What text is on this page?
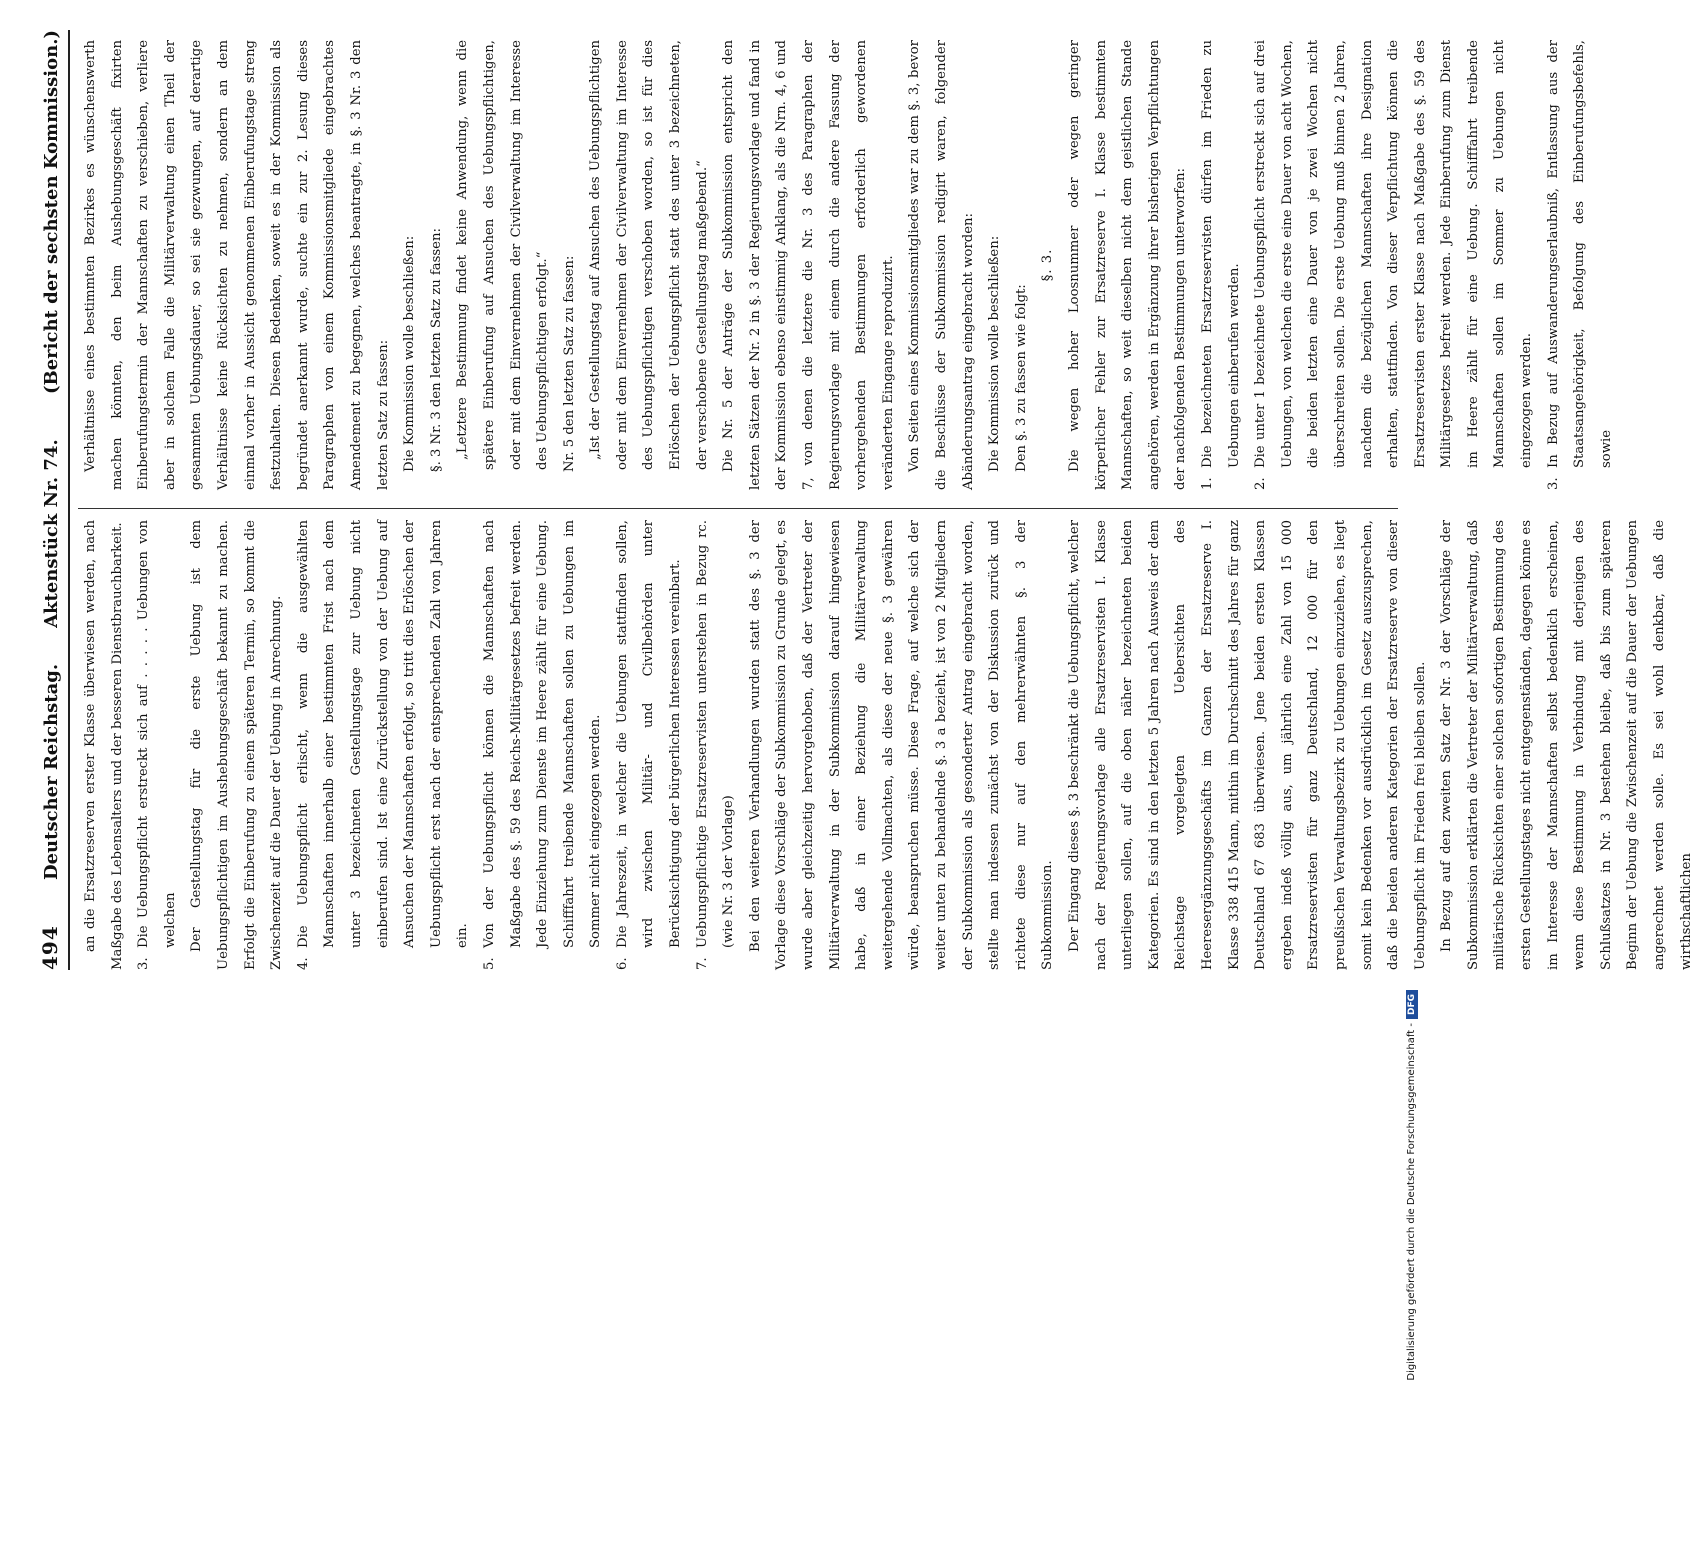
494
Deutscher Reichstag.Aktenstück Nr. 74.
(Bericht der sechsten Kommission.)

an die Ersatzreserven erster Klasse überwiesen werden, nach Maßgabe des Lebensalters und der besseren Dienstbrauchbarkeit. 3.
Die Uebungspflicht erstreckt sich auf . . . . . Uebungen von welchen Der Gestellungstag für die erste Uebung ist dem Uebungspflichtigen im Aushebungsgeschäft bekannt zu machen. Erfolgt die Einberufung zu einem späteren Termin, so kommt die Zwischenzeit auf die Dauer der Uebung in Anrechnung. 4.
Die Uebungspflicht erlischt, wenn die ausgewählten Mannschaften innerhalb einer bestimmten Frist nach dem unter 3 bezeichneten Gestellungstage zur Uebung nicht einberufen sind. Ist eine Zurückstellung von der Uebung auf Ansuchen der Mannschaften erfolgt, so tritt dies Erlöschen der Uebungspflicht erst nach der entsprechenden Zahl von Jahren ein.
5.
Von der Uebungspflicht können die Mannschaften nach Maßgabe des §. 59 des Reichs-Militärgesetzes befreit werden. Jede Einziehung zum Dienste im Heere zählt für eine Uebung. Schifffahrt treibende Mannschaften sollen zu Uebungen im Sommer nicht eingezogen werden.
6.
Die Jahreszeit, in welcher die Uebungen stattfinden sollen, wird zwischen Militär- und Civilbehörden unter Berücksichtigung der bürgerlichen Interessen vereinbart.
7.
Uebungspflichtige Ersatzreservisten unterstehen in Bezug rc. (wie Nr. 3 der Vorlage) Bei den weiteren Verhandlungen wurden statt des §. 3 der Vorlage diese Vorschläge der Subkommission zu Grunde gelegt, es wurde aber gleichzeitig hervorgehoben, daß der Vertreter der Militärverwaltung in der Subkommission darauf hingewiesen habe, daß in einer Beziehung die Militärverwaltung weitergehende Vollmachten, als diese der neue §. 3 gewähren würde, beanspruchen müsse. Diese Frage, auf welche sich der weiter unten zu behandelnde §. 3 a bezieht, ist von 2 Mitgliedern der Subkommission als gesonderter Antrag eingebracht worden, stellte man indessen zunächst von der Diskussion zurück und richtete diese nur auf den mehrerwähnten §. 3 der Subkommission. Der Eingang dieses §. 3 beschränkt die Uebungspflicht, welcher nach der Regierungsvorlage alle Ersatzreservisten I. Klasse unterliegen sollen, auf die oben näher bezeichneten beiden Kategorien. Es sind in den letzten 5 Jahren nach Ausweis der dem Reichstage vorgelegten Uebersichten des Heeresergänzungsgeschäfts im Ganzen der Ersatzreserve I. Klasse 338 415 Mann, mithin im Durchschnitt des Jahres für ganz Deutschland 67 683 überwiesen. Jene beiden ersten Klassen ergeben indeß völlig aus, um jährlich eine Zahl von 15 000 Ersatzreservisten für ganz Deutschland, 12 000 für den preußischen Verwaltungsbezirk zu Uebungen einzuziehen, es liegt somit kein Bedenken vor ausdrücklich im Gesetz auszusprechen, daß die beiden anderen Kategorien der Ersatzreserve von dieser Uebungspflicht im Frieden frei bleiben sollen. In Bezug auf den zweiten Satz der Nr. 3 der Vorschläge der Subkommission erklärten die Vertreter der Militärverwaltung, daß militärische Rücksichten einer solchen sofortigen Bestimmung des ersten Gestellungstages nicht entgegenständen, dagegen könne es im Interesse der Mannschaften selbst bedenklich erscheinen, wenn diese Bestimmung in Verbindung mit derjenigen des Schlußsatzes in Nr. 3 bestehen bleibe, daß bis zum späteren Beginn der Uebung die Zwischenzeit auf die Dauer der Uebungen angerechnet werden solle. Es sei wohl denkbar, daß die wirthschaftlichen

Verhältnisse eines bestimmten Bezirkes es wünschenswerth machen könnten, den beim Aushebungsgeschäft fixirten Einberufungstermin der Mannschaften zu verschieben, verliere aber in solchem Falle die Militärverwaltung einen Theil der gesammten Uebungsdauer, so sei sie gezwungen, auf derartige Verhältnisse keine Rücksichten zu nehmen, sondern an dem einmal vorher in Aussicht genommenen Einberufungstage streng festzuhalten. Diesen Bedenken, soweit es in der Kommission als begründet anerkannt wurde, suchte ein zur 2. Lesung dieses Paragraphen von einem Kommissionsmitgliede eingebrachtes Amendement zu begegnen, welches beantragte, in §. 3 Nr. 3 den letzten Satz zu fassen: Die Kommission wolle beschließen: §. 3 Nr. 3 den letzten Satz zu fassen: „Letztere Bestimmung findet keine Anwendung, wenn die spätere Einberufung auf Ansuchen des Uebungspflichtigen, oder mit dem Einvernehmen der Civilverwaltung im Interesse des Uebungspflichtigen erfolgt.“ Nr. 5 den letzten Satz zu fassen: „Ist der Gestellungstag auf Ansuchen des Uebungspflichtigen oder mit dem Einvernehmen der Civilverwaltung im Interesse des Uebungspflichtigen verschoben worden, so ist für dies Erlöschen der Uebungspflicht statt des unter 3 bezeichneten, der verschobene Gestellungstag maßgebend.“ Die Nr. 5 der Anträge der Subkommission entspricht den letzten Sätzen der Nr. 2 in §. 3 der Regierungsvorlage und fand in der Kommission ebenso einstimmig Anklang, als die Nrn. 4, 6 und 7, von denen die letztere die Nr. 3 des Paragraphen der Regierungsvorlage mit einem durch die andere Fassung der vorhergehenden Bestimmungen erforderlich gewordenen veränderten Eingange reproduzirt. Von Seiten eines Kommissionsmitgliedes war zu dem §. 3, bevor die Beschlüsse der Subkommission redigirt waren, folgender Abänderungsantrag eingebracht worden: Die Kommission wolle beschließen: Den §. 3 zu fassen wie folgt:

§. 3. Die wegen hoher Loosnummer oder wegen geringer körperlicher Fehler zur Ersatzreserve I. Klasse bestimmten Mannschaften, so weit dieselben nicht dem geistlichen Stande angehören, werden in Ergänzung ihrer bisherigen Verpflichtungen der nachfolgenden Bestimmungen unterworfen: 1.
Die bezeichneten Ersatzreservisten dürfen im Frieden zu Uebungen einberufen werden.
2.
Die unter 1 bezeichnete Uebungspflicht erstreckt sich auf drei Uebungen, von welchen die erste eine Dauer von acht Wochen, die beiden letzten eine Dauer von je zwei Wochen nicht überschreiten sollen. Die erste Uebung muß binnen 2 Jahren, nachdem die bezüglichen Mannschaften ihre Designation erhalten, stattfinden. Von dieser Verpflichtung können die Ersatzreservisten erster Klasse nach Maßgabe des §. 59 des Militärgesetzes befreit werden. Jede Einberufung zum Dienst im Heere zählt für eine Uebung. Schifffahrt treibende Mannschaften sollen im Sommer zu Uebungen nicht eingezogen werden.
3.
In Bezug auf Auswanderungserlaubniß, Entlassung aus der Staatsangehörigkeit, Befolgung des Einberufungsbefehls, sowie
Digitalisierung gefördert durch die Deutsche Forschungsgemeinschaft -DFG
